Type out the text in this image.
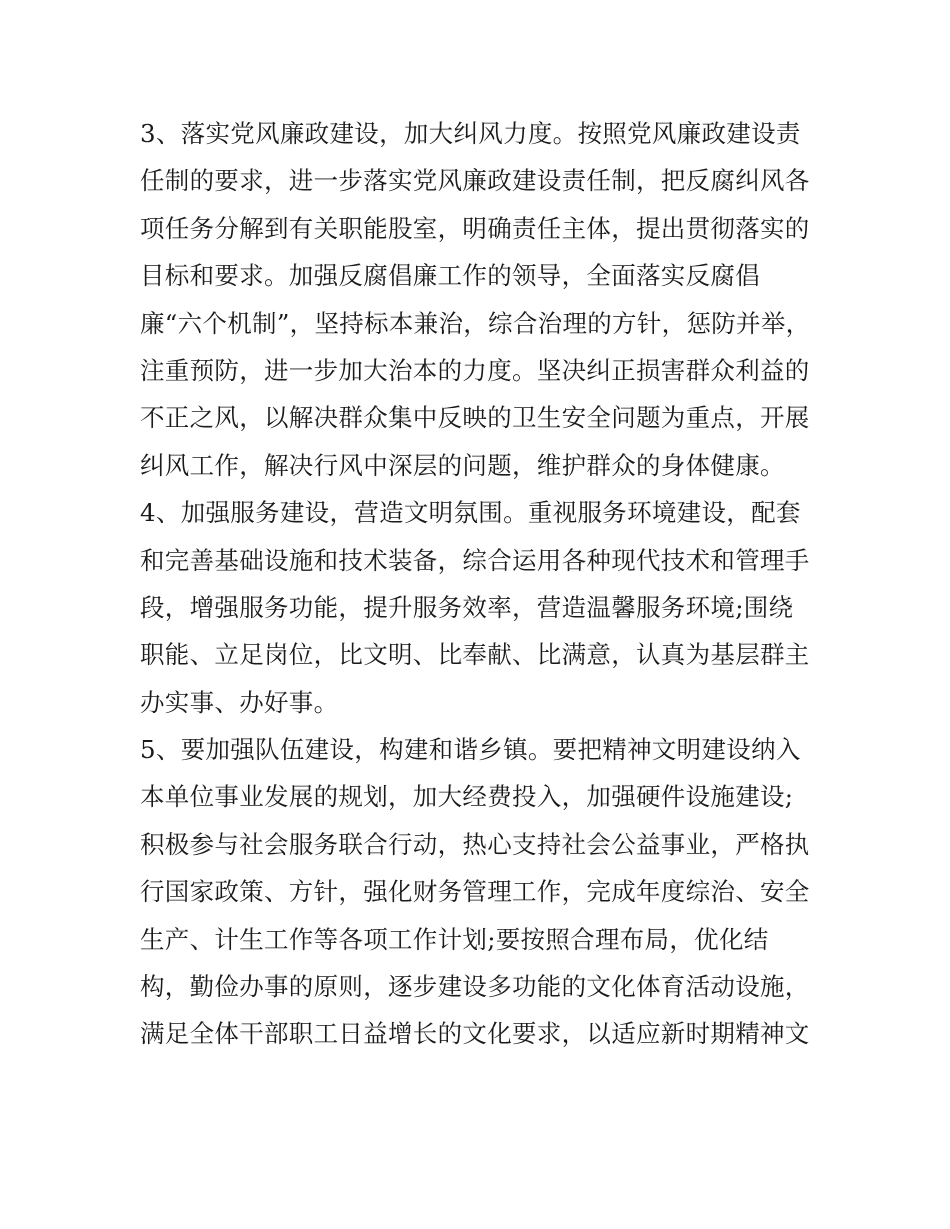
3、落实党风廉政建设，加大纠风力度。按照党风廉政建设责
任制的要求，进一步落实党风廉政建设责任制，把反腐纠风各
项任务分解到有关职能股室，明确责任主体，提出贯彻落实的
目标和要求。加强反腐倡廉工作的领导，全面落实反腐倡
廉“六个机制”，坚持标本兼治，综合治理的方针，惩防并举，
注重预防，进一步加大治本的力度。坚决纠正损害群众利益的
不正之风，以解决群众集中反映的卫生安全问题为重点，开展
纠风工作，解决行风中深层的问题，维护群众的身体健康。
4、加强服务建设，营造文明氛围。重视服务环境建设，配套
和完善基础设施和技术装备，综合运用各种现代技术和管理手
段，增强服务功能，提升服务效率，营造温馨服务环境;围绕
职能、立足岗位，比文明、比奉献、比满意，认真为基层群主
办实事、办好事。
5、要加强队伍建设，构建和谐乡镇。要把精神文明建设纳入
本单位事业发展的规划，加大经费投入，加强硬件设施建设;
积极参与社会服务联合行动，热心支持社会公益事业，严格执
行国家政策、方针，强化财务管理工作，完成年度综治、安全
生产、计生工作等各项工作计划;要按照合理布局，优化结
构，勤俭办事的原则，逐步建设多功能的文化体育活动设施，
满足全体干部职工日益增长的文化要求，以适应新时期精神文
